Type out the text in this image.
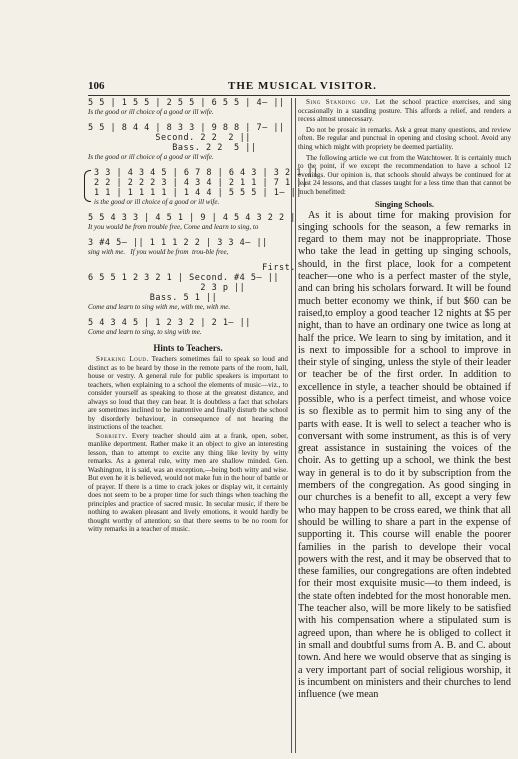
106	THE MUSICAL VISITOR.
5 5 | 1 5 5 | 2 5 5 | 6 5 5 | 4— ||
Is the good or ill choice of a good or ill wife.
5 5 | 8 4 4 | 8 3 3 | 9 8 8 | 7— ||
Second. 2 2  2 ||
Bass. 2 2  5 ||
Is the good or ill choice of a good or ill wife.
3 3 | 4 3 4 5 | 6 7 8 | 6 4 3 | 3 2 1 ||
2 2 | 2 2 2 3 | 4 3 4 | 2 1 1 | 7 1 ||
1 1 | 1 1 1 1 | 1 4 4 | 5 5 5 | 1— ||
is the good or ill choice of a good or ill wife.
5 5 4 3 3 | 4 5 1 | 9 | 4 5 4 3 2 2 |
It you would be from trouble free, Come and learn to sing, to
3 #4 5— || 1 1 1 2 2 | 3 3 4— ||
sing with me.   If you would be from  trou-ble free,
First.
6 5 5 1 2 3 2 1 | Second. #4 5— ||
2 3 p ||
Bass. 5 1 ||
Come and learn to sing with me, with me, with me.
5 4 3 4 5 | 1 2 3 2 | 2 1— ||
Come and learn to sing, to sing with me.
Hints to Teachers.

Speaking Loud. Teachers sometimes fail to speak so loud and distinct as to be heard by those in the remote parts of the room, hall, house or vestry. A general rule for public speakers is important to teachers, when explaining to a school the elements of music—viz., to consider yourself as speaking to those at the greatest distance, and always so loud that they can hear. It is doubtless a fact that scholars are sometimes inclined to be inattentive and finally disturb the school by disorderly behaviour, in consequence of not hearing the instructions of the teacher.

Sobriety. Every teacher should aim at a frank, open, sober, manlike deportment. Rather make it an object to give an interesting lesson, than to attempt to excite any thing like levity by witty remarks. As a general rule, witty men are shallow minded. Gen. Washington, it is said, was an exception,—being both witty and wise. But even he it is believed, would not make fun in the hour of battle or of prayer. If there is a time to crack jokes or display wit, it certainly does not seem to be a proper time for such things when teaching the principles and practice of sacred music. In secular music, if there be nothing to awaken pleasant and lively emotions, it would hardly be thought worthy of attention; so that there seems to be no room for witty remarks in a teacher of music.

Sing Standing up. Let the school practice exercises, and sing occasionally in a standing posture. This affords a relief, and renders a recess almost unnecessary.

Do not be prosaic in remarks. Ask a great many questions, and review often. Be regular and punctual in opening and closing school. Avoid any thing which might with propriety be deemed partiality.

The following article we cut from the Watchtower. It is certainly much to the point, if we except the recommendation to have a school 12 evenings. Our opinion is, that schools should always be continued for at least 24 lessons, and that classes taught for a less time than that cannot be much benefitted:

Singing Schools.

As it is about time for making provision for singing schools for the season, a few remarks in regard to them may not be inappropriate. Those who take the lead in getting up singing schools, should, in the first place, look for a competent teacher—one who is a perfect master of the style, and can bring his scholars forward. It will be found much better economy we think, if but $60 can be raised,to employ a good teacher 12 nights at $5 per night, than to have an ordinary one twice as long at half the price. We learn to sing by imitation, and it is next to impossible for a school to improve in their style of singing, unless the style of their leader or teacher be of the first order. In addition to excellence in style, a teacher should be obtained if possible, who is a perfect timeist, and whose voice is so flexible as to permit him to sing any of the parts with ease. It is well to select a teacher who is conversant with some instrument, as this is of very great assistance in sustaining the voices of the choir. As to getting up a school, we think the best way in general is to do it by subscription from the members of the congregation. As good singing in our churches is a benefit to all, except a very few who may happen to be cross eared, we think that all should be willing to share a part in the expense of supporting it. This course will enable the poorer families in the parish to develope their vocal powers with the rest, and it may be observed that to these families, our congregations are often indebted for their most exquisite music—to them indeed, is the state often indebted for the most honorable men. The teacher also, will be more likely to be satisfied with his compensation where a stipulated sum is agreed upon, than where he is obliged to collect it in small and doubtful sums from A. B. and C. about town. And here we would observe that as singing is a very important part of social religious worship, it is incumbent on ministers and their churches to lend influence (we mean
